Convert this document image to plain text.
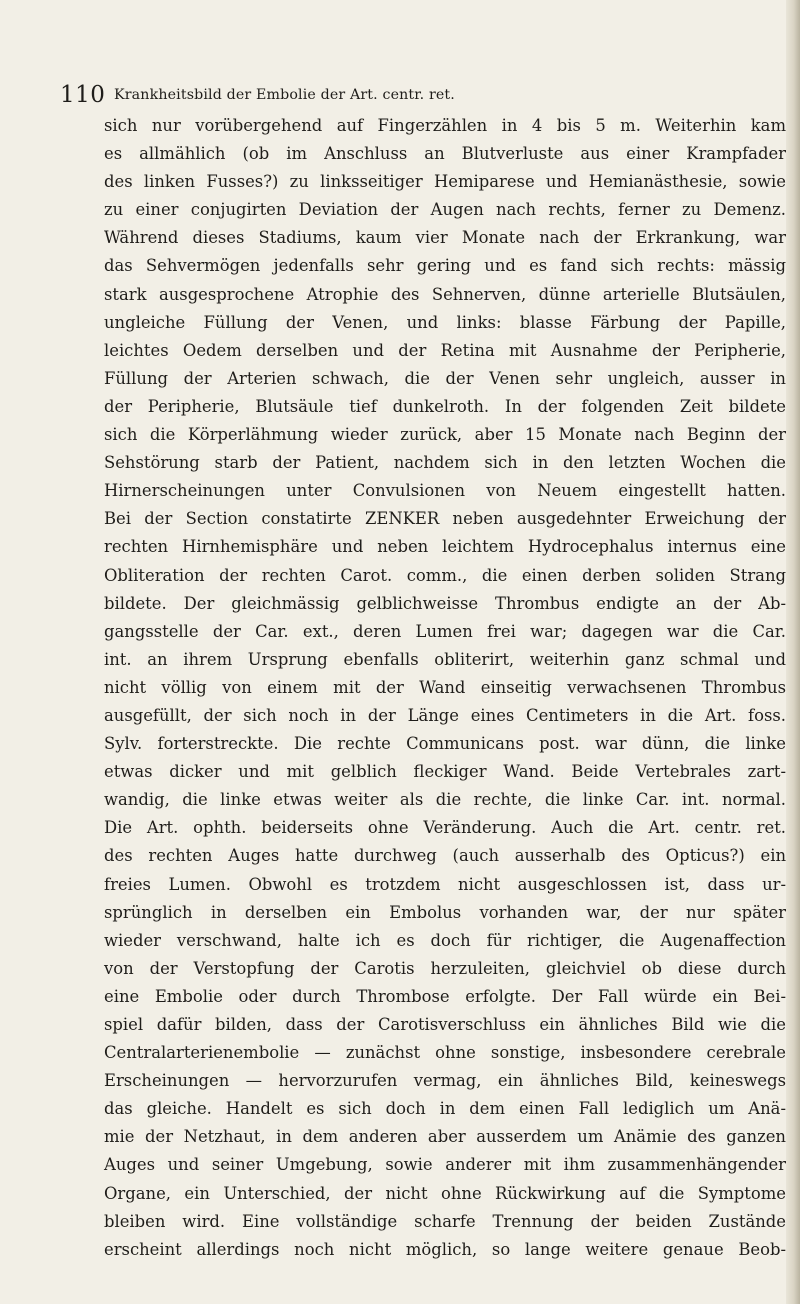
110 Krankheitsbild der Embolie der Art. centr. ret.
sich nur vorübergehend auf Fingerzählen in 4 bis 5 m. Weiterhin kam
es allmählich (ob im Anschluss an Blutverluste aus einer Krampfader
des linken Fusses?) zu linksseitiger Hemiparese und Hemianästhesie, sowie
zu einer conjugirten Deviation der Augen nach rechts, ferner zu Demenz.
Während dieses Stadiums, kaum vier Monate nach der Erkrankung, war
das Sehvermögen jedenfalls sehr gering und es fand sich rechts: mässig
stark ausgesprochene Atrophie des Sehnerven, dünne arterielle Blutsäulen,
ungleiche Füllung der Venen, und links: blasse Färbung der Papille,
leichtes Oedem derselben und der Retina mit Ausnahme der Peripherie,
Füllung der Arterien schwach, die der Venen sehr ungleich, ausser in
der Peripherie, Blutsäule tief dunkelroth. In der folgenden Zeit bildete
sich die Körperlähmung wieder zurück, aber 15 Monate nach Beginn der
Sehstörung starb der Patient, nachdem sich in den letzten Wochen die
Hirnerscheinungen unter Convulsionen von Neuem eingestellt hatten.
Bei der Section constatirte ZENKER neben ausgedehnter Erweichung der
rechten Hirnhemisphäre und neben leichtem Hydrocephalus internus eine
Obliteration der rechten Carot. comm., die einen derben soliden Strang
bildete. Der gleichmässig gelblichweisse Thrombus endigte an der Ab-
gangsstelle der Car. ext., deren Lumen frei war; dagegen war die Car.
int. an ihrem Ursprung ebenfalls obliterirt, weiterhin ganz schmal und
nicht völlig von einem mit der Wand einseitig verwachsenen Thrombus
ausgefüllt, der sich noch in der Länge eines Centimeters in die Art. foss.
Sylv. forterstreckte. Die rechte Communicans post. war dünn, die linke
etwas dicker und mit gelblich fleckiger Wand. Beide Vertebrales zart-
wandig, die linke etwas weiter als die rechte, die linke Car. int. normal.
Die Art. ophth. beiderseits ohne Veränderung. Auch die Art. centr. ret.
des rechten Auges hatte durchweg (auch ausserhalb des Opticus?) ein
freies Lumen. Obwohl es trotzdem nicht ausgeschlossen ist, dass ur-
sprünglich in derselben ein Embolus vorhanden war, der nur später
wieder verschwand, halte ich es doch für richtiger, die Augenaffection
von der Verstopfung der Carotis herzuleiten, gleichviel ob diese durch
eine Embolie oder durch Thrombose erfolgte. Der Fall würde ein Bei-
spiel dafür bilden, dass der Carotisverschluss ein ähnliches Bild wie die
Centralarterienembolie — zunächst ohne sonstige, insbesondere cerebrale
Erscheinungen — hervorzurufen vermag, ein ähnliches Bild, keineswegs
das gleiche. Handelt es sich doch in dem einen Fall lediglich um Anä-
mie der Netzhaut, in dem anderen aber ausserdem um Anämie des ganzen
Auges und seiner Umgebung, sowie anderer mit ihm zusammenhängender
Organe, ein Unterschied, der nicht ohne Rückwirkung auf die Symptome
bleiben wird. Eine vollständige scharfe Trennung der beiden Zustände
erscheint allerdings noch nicht möglich, so lange weitere genaue Beob-
